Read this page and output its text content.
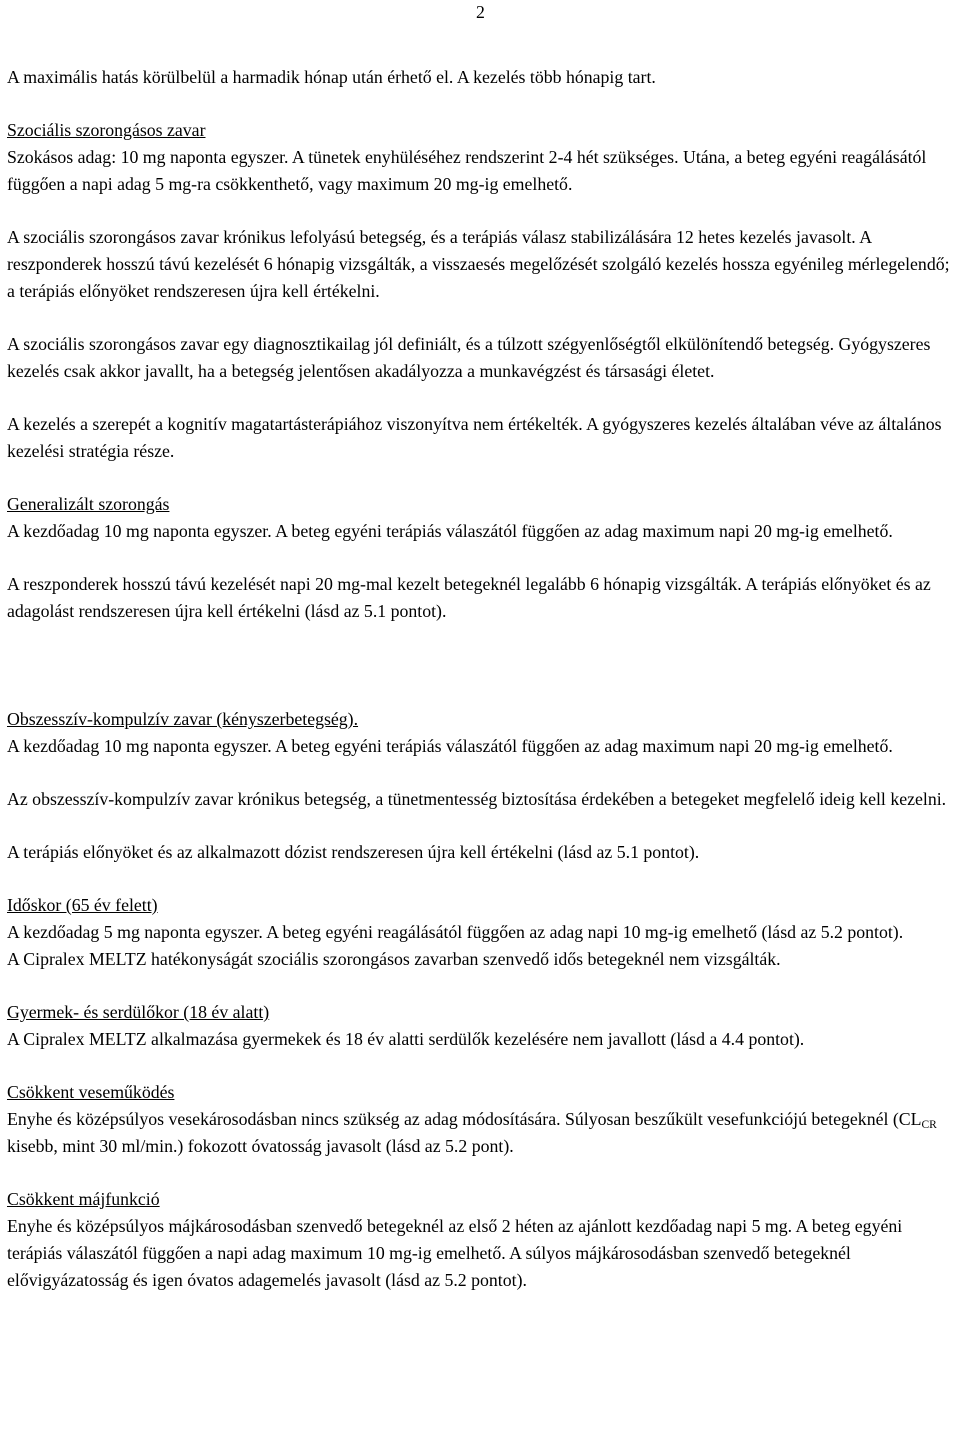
2

A maximális hatás körülbelül a harmadik hónap után érhető el. A kezelés több hónapig tart.

Szociális szorongásos zavar
Szokásos adag: 10 mg naponta egyszer. A tünetek enyhüléséhez rendszerint 2-4 hét szükséges. Utána, a beteg egyéni reagálásától függően a napi adag 5 mg-ra csökkenthető, vagy maximum 20 mg-ig emelhető.

A szociális szorongásos zavar krónikus lefolyású betegség, és a terápiás válasz stabilizálására 12 hetes kezelés javasolt. A reszponderek hosszú távú kezelését 6 hónapig vizsgálták, a visszaesés megelőzését szolgáló kezelés hossza egyénileg mérlegelendő; a terápiás előnyöket rendszeresen újra kell értékelni.

A szociális szorongásos zavar egy diagnosztikailag jól definiált, és a túlzott szégyenlőségtől elkülönítendő betegség. Gyógyszeres kezelés csak akkor javallt, ha a betegség jelentősen akadályozza a munkavégzést és társasági életet.

A kezelés a szerepét a kognitív magatartásterápiához viszonyítva nem értékelték. A gyógyszeres kezelés általában véve az általános kezelési stratégia része.

Generalizált szorongás
A kezdőadag 10 mg naponta egyszer. A beteg egyéni terápiás válaszától függően az adag maximum napi 20 mg-ig emelhető.

A reszponderek hosszú távú kezelését napi 20 mg-mal kezelt betegeknél legalább 6 hónapig vizsgálták. A terápiás előnyöket és az adagolást rendszeresen újra kell értékelni (lásd az 5.1 pontot).

Obszesszív-kompulzív zavar (kényszerbetegség).
A kezdőadag 10 mg naponta egyszer. A beteg egyéni terápiás válaszától függően az adag maximum napi 20 mg-ig emelhető.

Az obszesszív-kompulzív zavar krónikus betegség, a tünetmentesség biztosítása érdekében a betegeket megfelelő ideig kell kezelni.

A terápiás előnyöket és az alkalmazott dózist rendszeresen újra kell értékelni (lásd az 5.1 pontot).

Időskor (65 év felett)
A kezdőadag 5 mg naponta egyszer. A beteg egyéni reagálásától függően az adag napi 10 mg-ig emelhető (lásd az 5.2 pontot).
A Cipralex MELTZ hatékonyságát szociális szorongásos zavarban szenvedő idős betegeknél nem vizsgálták.

Gyermek- és serdülőkor (18 év alatt)
A Cipralex MELTZ alkalmazása gyermekek és 18 év alatti serdülők kezelésére nem javallott (lásd a 4.4 pontot).

Csökkent veseműködés
Enyhe és középsúlyos vesekárosodásban nincs szükség az adag módosítására. Súlyosan beszűkült vesefunkciójú betegeknél ($CL_{CR}$ kisebb, mint 30 ml/min.) fokozott óvatosság javasolt (lásd az 5.2 pont).

Csökkent májfunkció
Enyhe és középsúlyos májkárosodásban szenvedő betegeknél az első 2 héten az ajánlott kezdőadag napi 5 mg. A beteg egyéni terápiás válaszától függően a napi adag maximum 10 mg-ig emelhető. A súlyos májkárosodásban szenvedő betegeknél elővigyázatosság és igen óvatos adagemelés javasolt (lásd az 5.2 pontot).
